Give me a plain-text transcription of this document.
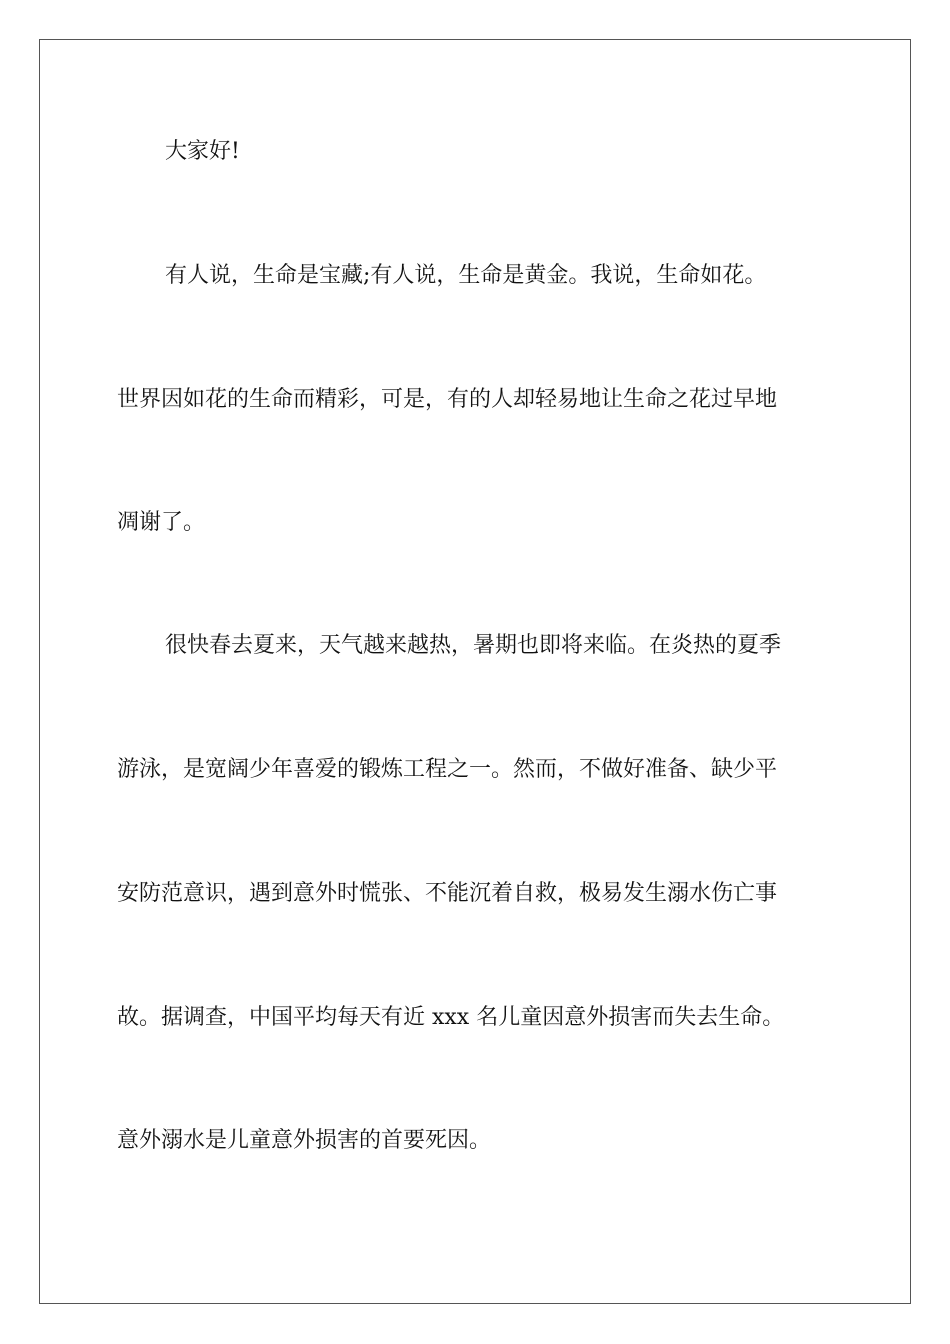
大家好!
有人说，生命是宝藏;有人说，生命是黄金。我说，生命如花。
世界因如花的生命而精彩，可是，有的人却轻易地让生命之花过早地
凋谢了。
很快春去夏来，天气越来越热，暑期也即将来临。在炎热的夏季
游泳，是宽阔少年喜爱的锻炼工程之一。然而，不做好准备、缺少平
安防范意识，遇到意外时慌张、不能沉着自救，极易发生溺水伤亡事
故。据调查，中国平均每天有近 xxx 名儿童因意外损害而失去生命。
意外溺水是儿童意外损害的首要死因。
